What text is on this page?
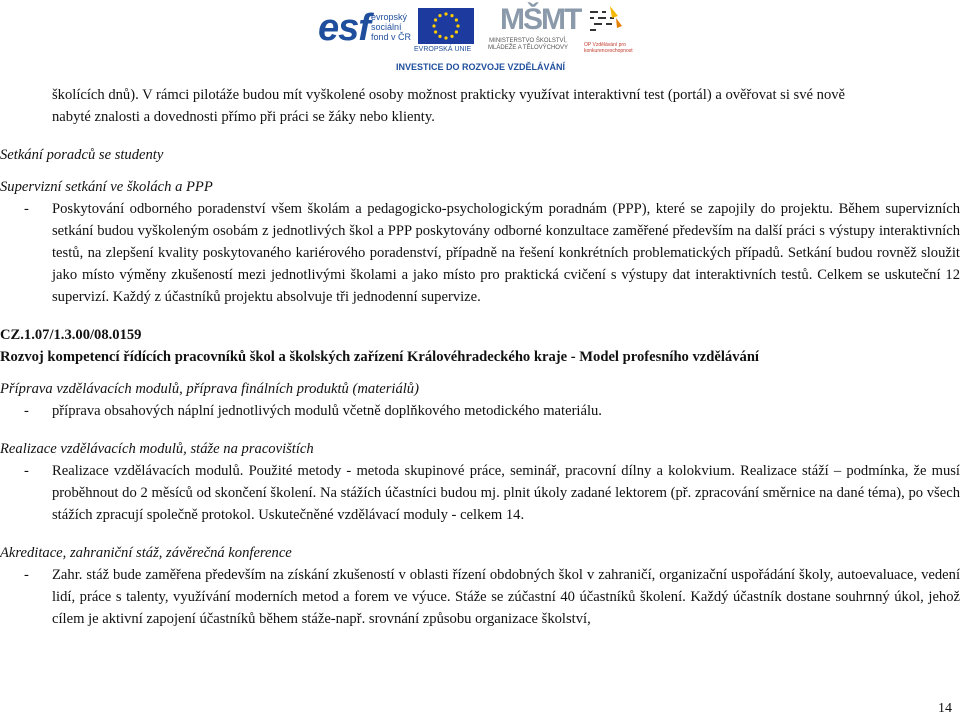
esf evropský sociální fond v ČR
EVROPSKÁ UNIE
MŠMT
MINISTERSTVO ŠKOLSTVÍ, MLÁDEŽE A TĚLOVÝCHOVY	OP Vzdělávání pro konkurenceschopnost
INVESTICE DO ROZVOJE VZDĚLÁVÁNÍ

školících dnů). V rámci pilotáže budou mít vyškolené osoby možnost prakticky využívat interaktivní test (portál) a ověřovat si své nově

nabyté znalosti a dovednosti přímo při práci se žáky nebo klienty.

Setkání poradců se studenty

Supervizní setkání ve školách a PPP

- Poskytování odborného poradenství všem školám a pedagogicko-psychologickým poradnám (PPP), které se zapojily do projektu. Během supervizních setkání budou vyškoleným osobám z jednotlivých škol a PPP poskytovány odborné konzultace zaměřené především na další práci s výstupy interaktivních testů, na zlepšení kvality poskytovaného kariérového poradenství, případně na řešení konkrétních problematických případů. Setkání budou rovněž sloužit jako místo výměny zkušeností mezi jednotlivými školami a jako místo pro praktická cvičení s výstupy dat interaktivních testů. Celkem se uskuteční 12 supervizí. Každý z účastníků projektu absolvuje tři jednodenní supervize.

CZ.1.07/1.3.00/08.0159

Rozvoj kompetencí řídících pracovníků škol a školských zařízení Královéhradeckého kraje - Model profesního vzdělávání

Příprava vzdělávacích modulů, příprava finálních produktů (materiálů)

- příprava obsahových náplní jednotlivých modulů včetně doplňkového metodického materiálu.

Realizace vzdělávacích modulů, stáže na pracovištích

- Realizace vzdělávacích modulů. Použité metody - metoda skupinové práce, seminář, pracovní dílny a kolokvium. Realizace stáží – podmínka, že musí proběhnout do 2 měsíců od skončení školení. Na stážích účastníci budou mj. plnit úkoly zadané lektorem (př. zpracování směrnice na dané téma), po všech stážích zpracují společně protokol. Uskutečněné vzdělávací moduly - celkem 14.

Akreditace, zahraniční stáž, závěrečná konference

- Zahr. stáž bude zaměřena především na získání zkušeností v oblasti řízení obdobných škol v zahraničí, organizační uspořádání školy, autoevaluace, vedení lidí, práce s talenty, využívání moderních metod a forem ve výuce. Stáže se zúčastní 40 účastníků školení. Každý účastník dostane souhrnný úkol, jehož cílem je aktivní zapojení účastníků během stáže-např. srovnání způsobu organizace školství,

14
